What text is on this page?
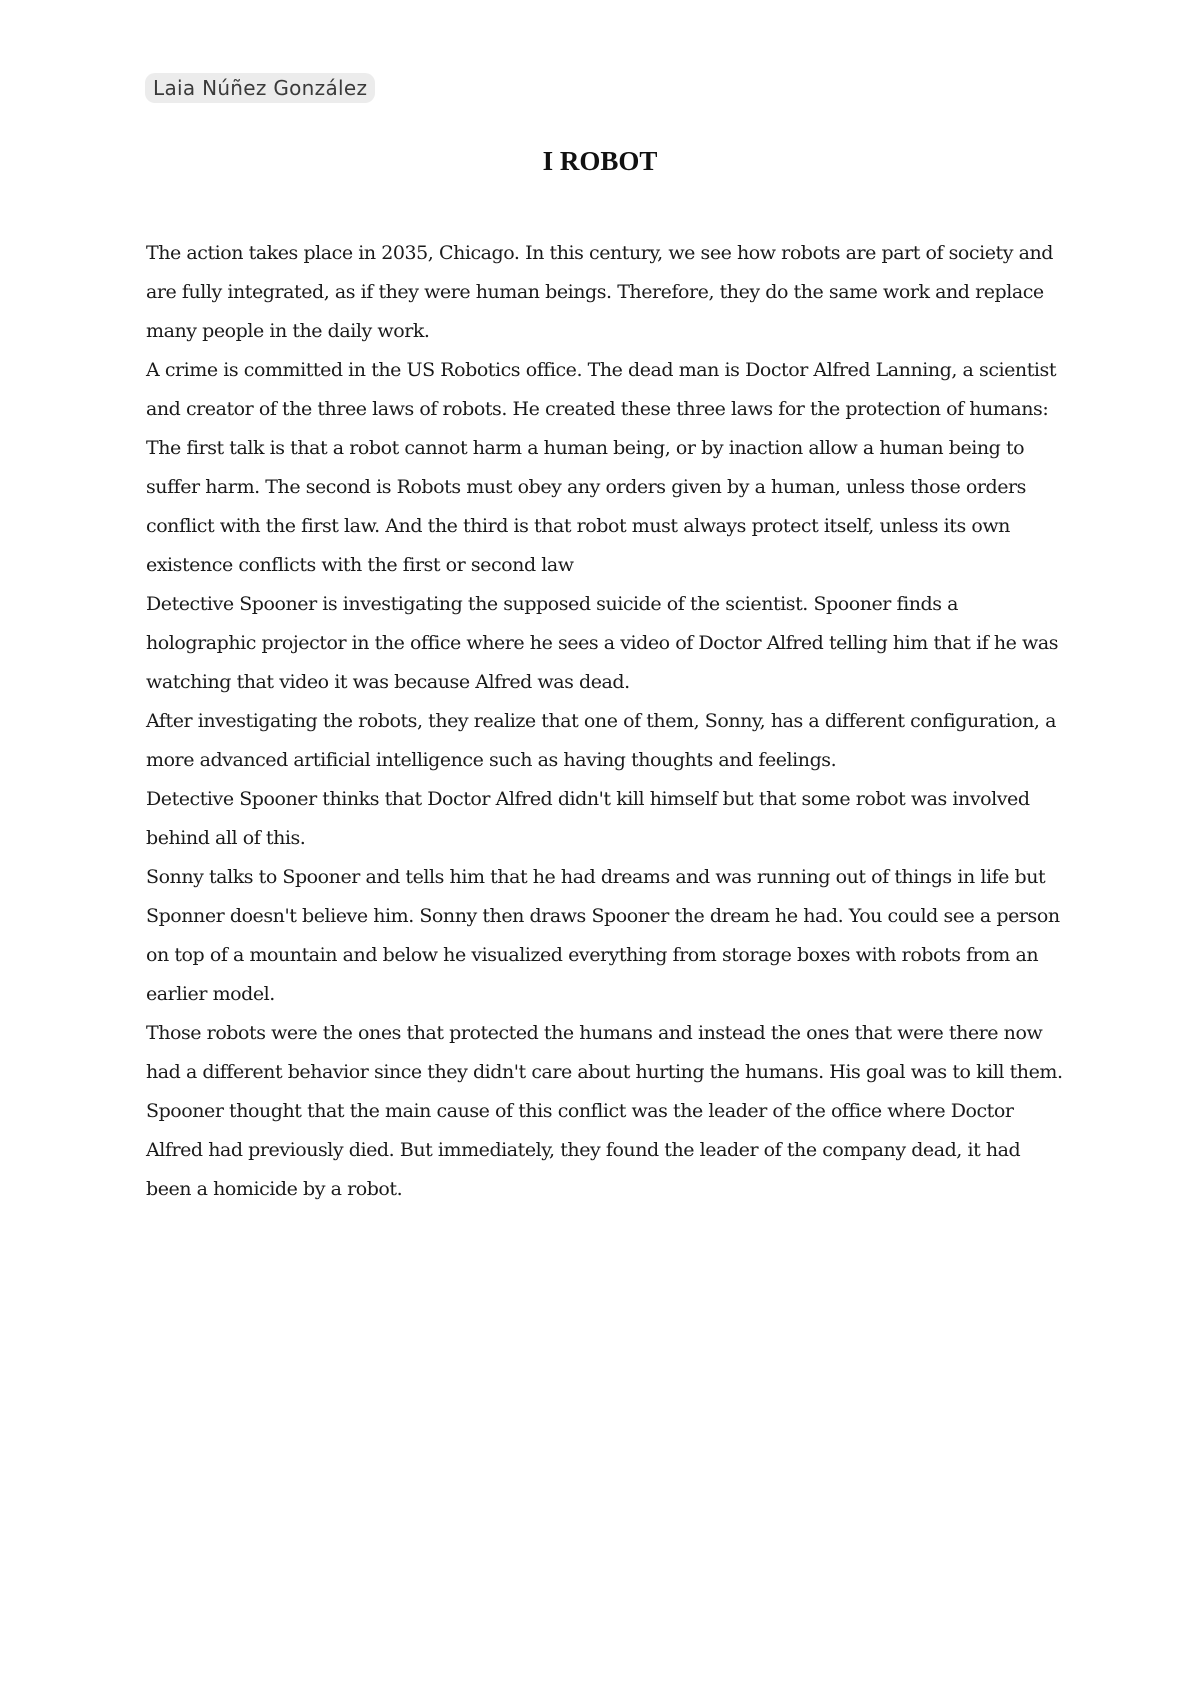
Laia Núñez González
I ROBOT

The action takes place in 2035, Chicago. In this century, we see how robots are part of society and are fully integrated, as if they were human beings. Therefore, they do the same work and replace many people in the daily work.

A crime is committed in the US Robotics office. The dead man is Doctor Alfred Lanning, a scientist and creator of the three laws of robots. He created these three laws for the protection of humans:

The first talk is that a robot cannot harm a human being, or by inaction allow a human being to suffer harm. The second is Robots must obey any orders given by a human, unless those orders conflict with the first law. And the third is that robot must always protect itself, unless its own existence conflicts with the first or second law

Detective Spooner is investigating the supposed suicide of the scientist. Spooner finds a holographic projector in the office where he sees a video of Doctor Alfred telling him that if he was watching that video it was because Alfred was dead.

After investigating the robots, they realize that one of them, Sonny, has a different configuration, a more advanced artificial intelligence such as having thoughts and feelings.

Detective Spooner thinks that Doctor Alfred didn't kill himself but that some robot was involved behind all of this.

Sonny talks to Spooner and tells him that he had dreams and was running out of things in life but Sponner doesn't believe him. Sonny then draws Spooner the dream he had. You could see a person on top of a mountain and below he visualized everything from storage boxes with robots from an earlier model.

Those robots were the ones that protected the humans and instead the ones that were there now had a different behavior since they didn't care about hurting the humans. His goal was to kill them.

Spooner thought that the main cause of this conflict was the leader of the office where Doctor Alfred had previously died. But immediately, they found the leader of the company dead, it had been a homicide by a robot.
